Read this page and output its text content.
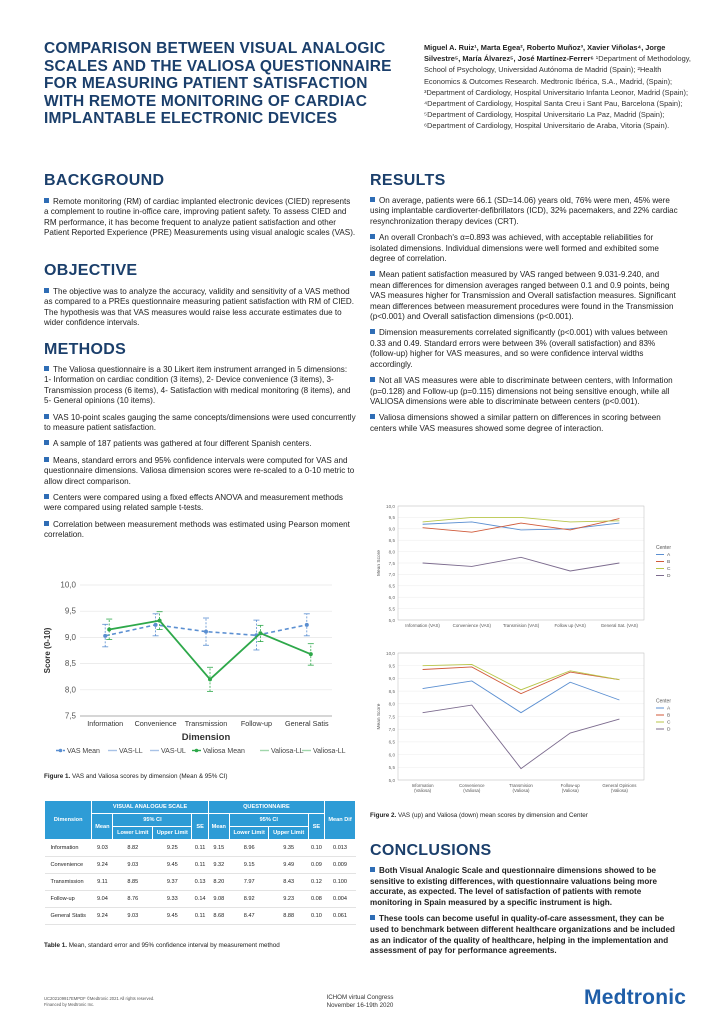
COMPARISON BETWEEN VISUAL ANALOGIC SCALES AND THE VALIOSA QUESTIONNAIRE FOR MEASURING PATIENT SATISFACTION WITH REMOTE MONITORING OF CARDIAC IMPLANTABLE ELECTRONIC DEVICES
Miguel A. Ruiz¹, Marta Egea², Roberto Muñoz³, Xavier Viñolas⁴, Jorge Silvestre⁵, María Álvarez⁵, José Martínez-Ferrer⁶ ¹Department of Methodology, School of Psychology, Universidad Autónoma de Madrid (Spain); ²Health Economics & Outcomes Research. Medtronic Ibérica, S.A., Madrid, (Spain); ³Department of Cardiology, Hospital Universitario Infanta Leonor, Madrid (Spain); ⁴Department of Cardiology, Hospital Santa Creu i Sant Pau, Barcelona (Spain); ⁵Department of Cardiology, Hospital Universitario La Paz, Madrid (Spain); ⁶Department of Cardiology, Hospital Universitario de Araba, Vitoria (Spain).
BACKGROUND

Remote monitoring (RM) of cardiac implanted electronic devices (CIED) represents a complement to routine in-office care, improving patient safety. To assess CIED and RM performance, it has become frequent to analyze patient satisfaction and other Patient Reported Experience (PRE) Measurements using visual analogic scales (VAS).

OBJECTIVE

The objective was to analyze the accuracy, validity and sensitivity of a VAS method as compared to a PREs questionnaire measuring patient satisfaction with RM of CIED. The hypothesis was that VAS measures would raise less accurate estimates due to wider confidence intervals.

METHODS

The Valiosa questionnaire is a 30 Likert item instrument arranged in 5 dimensions: 1- Information on cardiac condition (3 items), 2- Device convenience (3 items), 3- Transmission process (6 items), 4- Satisfaction with medical monitoring (8 items), and 5- General opinions (10 items).

VAS 10-point scales gauging the same concepts/dimensions were used concurrently to measure patient satisfaction.

A sample of 187 patients was gathered at four different Spanish centers.

Means, standard errors and 95% confidence intervals were computed for VAS and questionnaire dimensions. Valiosa dimension scores were re-scaled to a 0-10 metric to allow direct comparison.

Centers were compared using a fixed effects ANOVA and measurement methods were compared using related sample t-tests.

Correlation between measurement methods was estimated using Pearson moment correlation.

7,5
8,0
8,5
9,0
9,5
10,0
Information Convenience Transmission Follow-up General Satis
Dimension
Score (0-10)
VAS Mean	VAS-LL	VAS-UL Valiosa Mean	Valiosa-LL Valiosa-LL
Figure 1. VAS and Valiosa scores by dimension (Mean & 95% CI)
Dimension	VISUAL ANALOGUE SCALE				QUESTIONNAIRE				Mean Dif
	Mean	95% CI		SE	Mean	95% CI		SE	
		Lower Limit	Upper Limit			Lower Limit	Upper Limit		
Information	9.03	8.82	9.25	0.11	9.15	8.96	9.35	0.10	0.013
Convenience	9.24	9.03	9.45	0.11	9.32	9.15	9.49	0.09	0.009
Transmission	9.11	8.85	9.37	0.13	8.20	7.97	8.43	0.12	0.100
Follow-up	9.04	8.76	9.33	0.14	9.08	8.92	9.23	0.08	0.004
General Statis	9.24	9.03	9.45	0.11	8.68	8.47	8.88	0.10	0.061
Table 1. Mean, standard error and 95% confidence interval by measurement method
RESULTS

On average, patients were 66.1 (SD=14.06) years old, 76% were men, 45% were using implantable cardioverter-defibrillators (ICD), 32% pacemakers, and 22% cardiac resynchronization therapy devices (CRT).

An overall Cronbach's α=0.893 was achieved, with acceptable reliabilities for isolated dimensions. Individual dimensions were well formed and exhibited some degree of correlation.

Mean patient satisfaction measured by VAS ranged between 9.031-9.240, and mean differences for dimension averages ranged between 0.1 and 0.9 points, being VAS measures higher for Transmission and Overall satisfaction measures. Significant mean differences between measurement procedures were found in the Transmission (p<0.001) and Overall satisfaction dimensions (p<0.001).

Dimension measurements correlated significantly (p<0.001) with values between 0.33 and 0.49. Standard errors were between 3% (overall satisfaction) and 83% (follow-up) higher for VAS measures, and so were confidence interval widths accordingly.

Not all VAS measures were able to discriminate between centers, with Information (p=0.128) and Follow-up (p=0.115) dimensions not being sensitive enough, while all VALIOSA dimensions were able to discriminate between centers (p<0.001).

Valiosa dimensions showed a similar pattern on differences in scoring between centers while VAS measures showed some degree of interaction.

5,0
5,5
6,0
6,5
7,0
7,5
8,0
8,5
9,0
9,5
10,0
Information (VAS)	Convenience (VAS)	Transmision (VAS)	Follow up (VAS)	General Sat. (VAS)
Mean Score
Center
A
B
C
D
5,0
5,5
6,0
6,5
7,0
7,5
8,0
8,5
9,0
9,5
10,0
Information
(Valiosa)
Convenience
(Valiosa)
Transmision
(Valiosa)
Follow-up
(Valiosa)
General Opinions
(Valiosa)
Mean Score
Center
A
B
C
D
Figure 2. VAS (up) and Valiosa (down) mean scores by dimension and Center
CONCLUSIONS

Both Visual Analogic Scale and questionnaire dimensions showed to be sensitive to existing differences, with questionnaire valuations being more accurate, as expected. The level of satisfaction of patients with remote monitoring in Spain measured by a specific instrument is high.

These tools can become useful in quality-of-care assessment, they can be used to benchmark between different healthcare organizations and be included as an indicator of the quality of healthcare, helping in the implementation and assessment of pay for performance agreements.

UC202109917EMPDF ©Medtronic 2021 All rights reserved.
Financed by Medtronic Inc.
ICHOM virtual Congress
November 16-19th 2020	Medtronic
